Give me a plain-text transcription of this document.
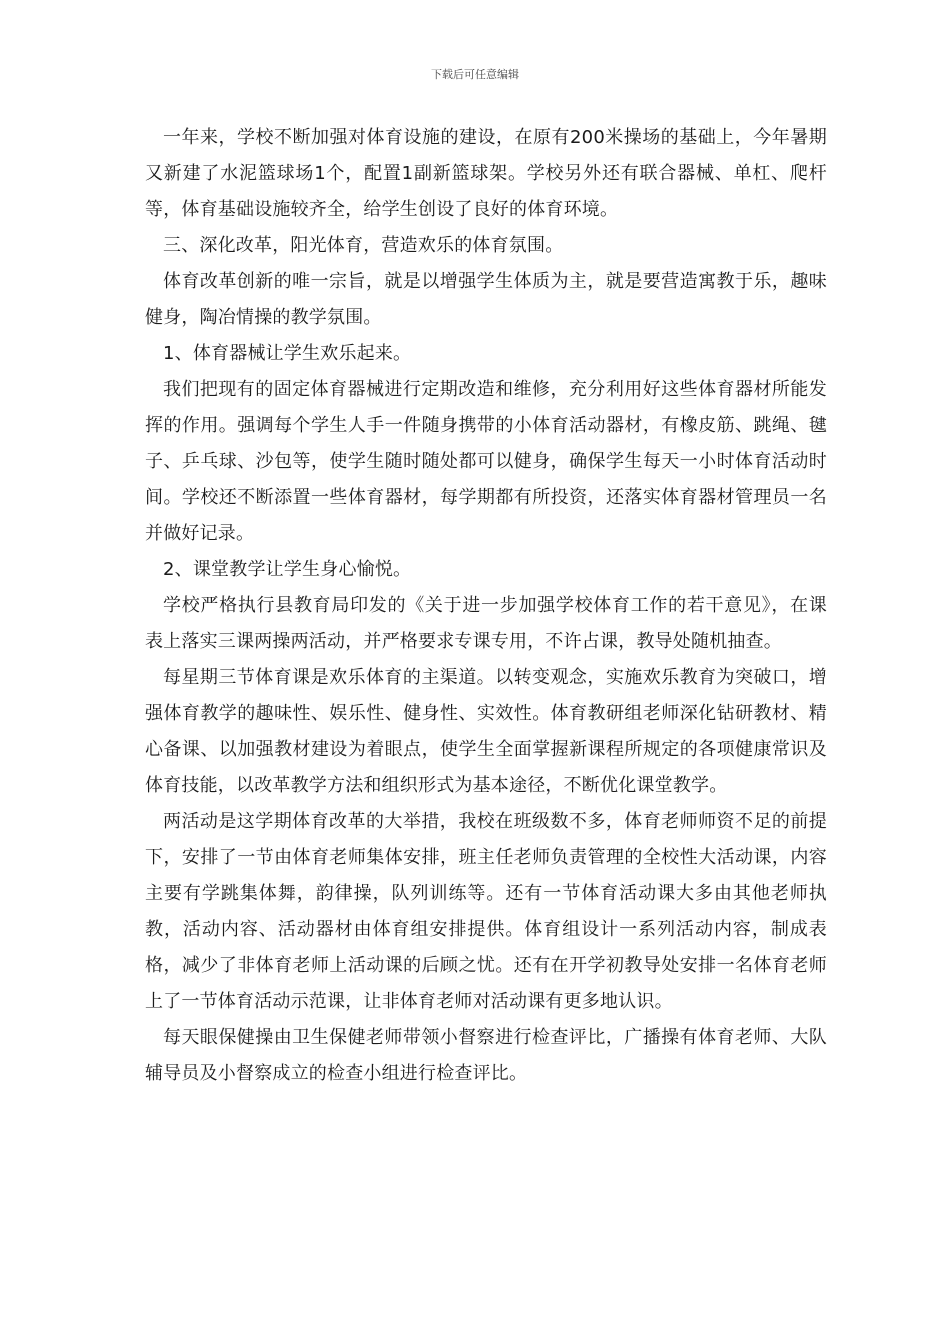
下载后可任意编辑

一年来，学校不断加强对体育设施的建设，在原有200米操场的基础上，今年暑期又新建了水泥篮球场1个，配置1副新篮球架。学校另外还有联合器械、单杠、爬杆等，体育基础设施较齐全，给学生创设了良好的体育环境。

三、深化改革，阳光体育，营造欢乐的体育氛围。

体育改革创新的唯一宗旨，就是以增强学生体质为主，就是要营造寓教于乐，趣味健身，陶冶情操的教学氛围。

1、体育器械让学生欢乐起来。

我们把现有的固定体育器械进行定期改造和维修，充分利用好这些体育器材所能发挥的作用。强调每个学生人手一件随身携带的小体育活动器材，有橡皮筋、跳绳、毽子、乒乓球、沙包等，使学生随时随处都可以健身，确保学生每天一小时体育活动时间。学校还不断添置一些体育器材，每学期都有所投资，还落实体育器材管理员一名并做好记录。

2、课堂教学让学生身心愉悦。

学校严格执行县教育局印发的《关于进一步加强学校体育工作的若干意见》，在课表上落实三课两操两活动，并严格要求专课专用，不许占课，教导处随机抽查。

每星期三节体育课是欢乐体育的主渠道。以转变观念，实施欢乐教育为突破口，增强体育教学的趣味性、娱乐性、健身性、实效性。体育教研组老师深化钻研教材、精心备课、以加强教材建设为着眼点，使学生全面掌握新课程所规定的各项健康常识及体育技能，以改革教学方法和组织形式为基本途径，不断优化课堂教学。

两活动是这学期体育改革的大举措，我校在班级数不多，体育老师师资不足的前提下，安排了一节由体育老师集体安排，班主任老师负责管理的全校性大活动课，内容主要有学跳集体舞，韵律操，队列训练等。还有一节体育活动课大多由其他老师执教，活动内容、活动器材由体育组安排提供。体育组设计一系列活动内容，制成表格，减少了非体育老师上活动课的后顾之忧。还有在开学初教导处安排一名体育老师上了一节体育活动示范课，让非体育老师对活动课有更多地认识。

每天眼保健操由卫生保健老师带领小督察进行检查评比，广播操有体育老师、大队辅导员及小督察成立的检查小组进行检查评比。
